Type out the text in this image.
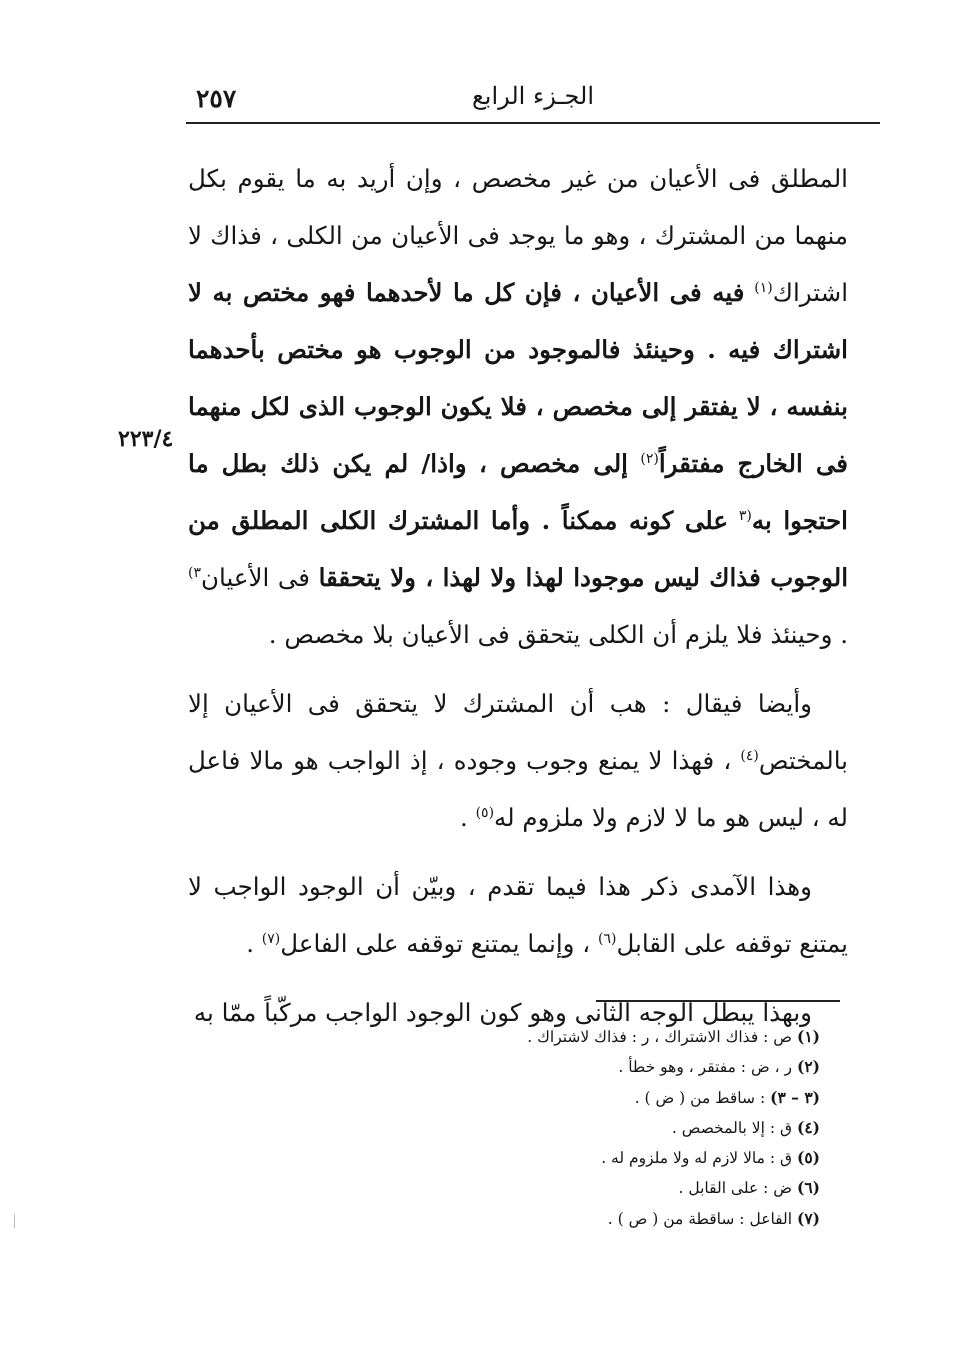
٢٥٧	الجـزء الرابع
٢٢٣/٤

المطلق فى الأعيان من غير مخصص ، وإن أريد به ما يقوم بكل منهما من المشترك ، وهو ما يوجد فى الأعيان من الكلى ، فذاك لا اشتراك$^{(١)}$ فيه فى الأعيان ، فإن كل ما لأحدهما فهو مختص به لا اشتراك فيه . وحينئذ فالموجود من الوجوب هو مختص بأحدهما بنفسه ، لا يفتقر إلى مخصص ، فلا يكون الوجوب الذى لكل منهما فى الخارج مفتقراً$^{(٢)}$ إلى مخصص ، واذا/ لم يكن ذلك بطل ما احتجوا به$^{(٣}$ على كونه ممكناً . وأما المشترك الكلى المطلق من الوجوب فذاك ليس موجودا لهذا ولا لهذا ، ولا يتحققا فى الأعيان$^{٣)}$ . وحينئذ فلا يلزم أن الكلى يتحقق فى الأعيان بلا مخصص .

وأيضا فيقال : هب أن المشترك لا يتحقق فى الأعيان إلا بالمختص$^{(٤)}$ ، فهذا لا يمنع وجوب وجوده ، إذ الواجب هو مالا فاعل له ، ليس هو ما لا لازم ولا ملزوم له$^{(٥)}$ .

وهذا الآمدى ذكر هذا فيما تقدم ، وبيّن أن الوجود الواجب لا يمتنع توقفه على القابل$^{(٦)}$ ، وإنما يمتنع توقفه على الفاعل$^{(٧)}$ .

وبهذا يبطل الوجه الثانى وهو كون الوجود الواجب مركّباً ممّا به

(١) ص : فذاك الاشتراك ، ر : فذاك لاشتراك .
(٢) ر ، ض : مفتقر ، وهو خطأ .
(٣ – ٣) : ساقط من ( ض ) .
(٤) ق : إلا بالمخصص .
(٥) ق : مالا لازم له ولا ملزوم له .
(٦) ض : على القابل .
(٧) الفاعل : ساقطة من ( ص ) .
